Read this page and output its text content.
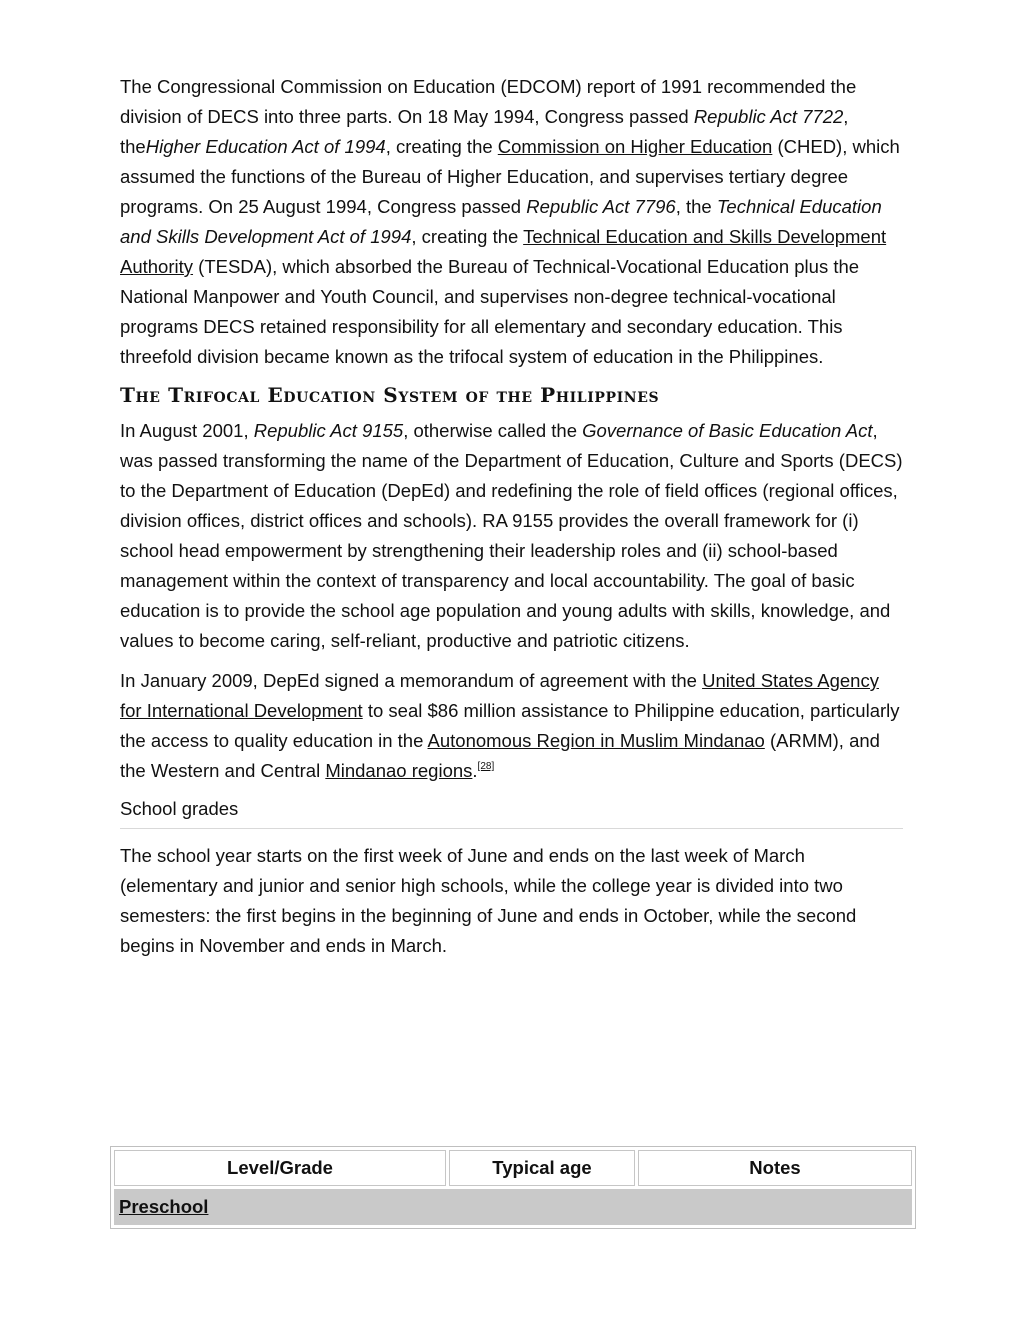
The Congressional Commission on Education (EDCOM) report of 1991 recommended the division of DECS into three parts. On 18 May 1994, Congress passed Republic Act 7722, theHigher Education Act of 1994, creating the Commission on Higher Education (CHED), which assumed the functions of the Bureau of Higher Education, and supervises tertiary degree programs. On 25 August 1994, Congress passed Republic Act 7796, the Technical Education and Skills Development Act of 1994, creating the Technical Education and Skills Development Authority (TESDA), which absorbed the Bureau of Technical-Vocational Education plus the National Manpower and Youth Council, and supervises non-degree technical-vocational programs DECS retained responsibility for all elementary and secondary education. This threefold division became known as the trifocal system of education in the Philippines.

The Trifocal Education System of the Philippines

In August 2001, Republic Act 9155, otherwise called the Governance of Basic Education Act, was passed transforming the name of the Department of Education, Culture and Sports (DECS) to the Department of Education (DepEd) and redefining the role of field offices (regional offices, division offices, district offices and schools). RA 9155 provides the overall framework for (i) school head empowerment by strengthening their leadership roles and (ii) school-based management within the context of transparency and local accountability. The goal of basic education is to provide the school age population and young adults with skills, knowledge, and values to become caring, self-reliant, productive and patriotic citizens.

In January 2009, DepEd signed a memorandum of agreement with the United States Agency for International Development to seal $86 million assistance to Philippine education, particularly the access to quality education in the Autonomous Region in Muslim Mindanao (ARMM), and the Western and Central Mindanao regions.[28]

School grades

The school year starts on the first week of June and ends on the last week of March (elementary and junior and senior high schools, while the college year is divided into two semesters: the first begins in the beginning of June and ends in October, while the second begins in November and ends in March.

Level/Grade	Typical age	Notes
Preschool
